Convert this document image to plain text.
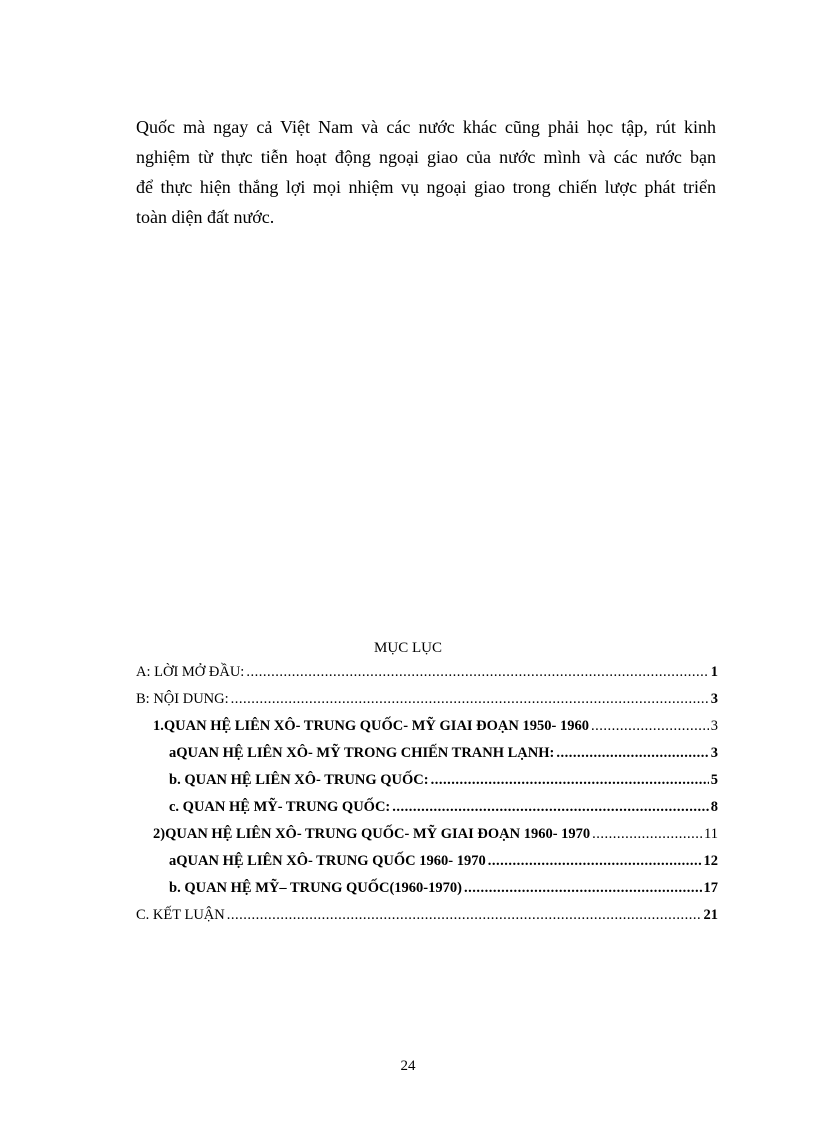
Quốc mà ngay cả Việt Nam và các nước khác cũng phải học tập, rút kinh
nghiệm từ thực tiễn hoạt động ngoại giao của nước mình và các nước bạn
để thực hiện thắng lợi mọi nhiệm vụ ngoại giao trong chiến lược phát triển
toàn diện đất nước.
MỤC LỤC
A: LỜI MỞ ĐẦU: .....	1
B: NỘI DUNG: .....	3
1. QUAN HỆ LIÊN XÔ- TRUNG QUỐC- MỸ GIAI ĐOẠN 1950- 1960 .....	3
a QUAN HỆ LIÊN XÔ- MỸ TRONG CHIẾN TRANH LẠNH: .....	3
b. QUAN HỆ LIÊN XÔ- TRUNG QUỐC: .....	5
c. QUAN HỆ MỸ- TRUNG QUỐC: .....	8
2) QUAN HỆ LIÊN XÔ- TRUNG QUỐC- MỸ GIAI ĐOẠN 1960- 1970 .....	11
a QUAN HỆ LIÊN XÔ- TRUNG QUỐC 1960- 1970 .....	12
b. QUAN HỆ MỸ– TRUNG QUỐC(1960-1970) .....	17
C. KẾT LUẬN .....	21
24
